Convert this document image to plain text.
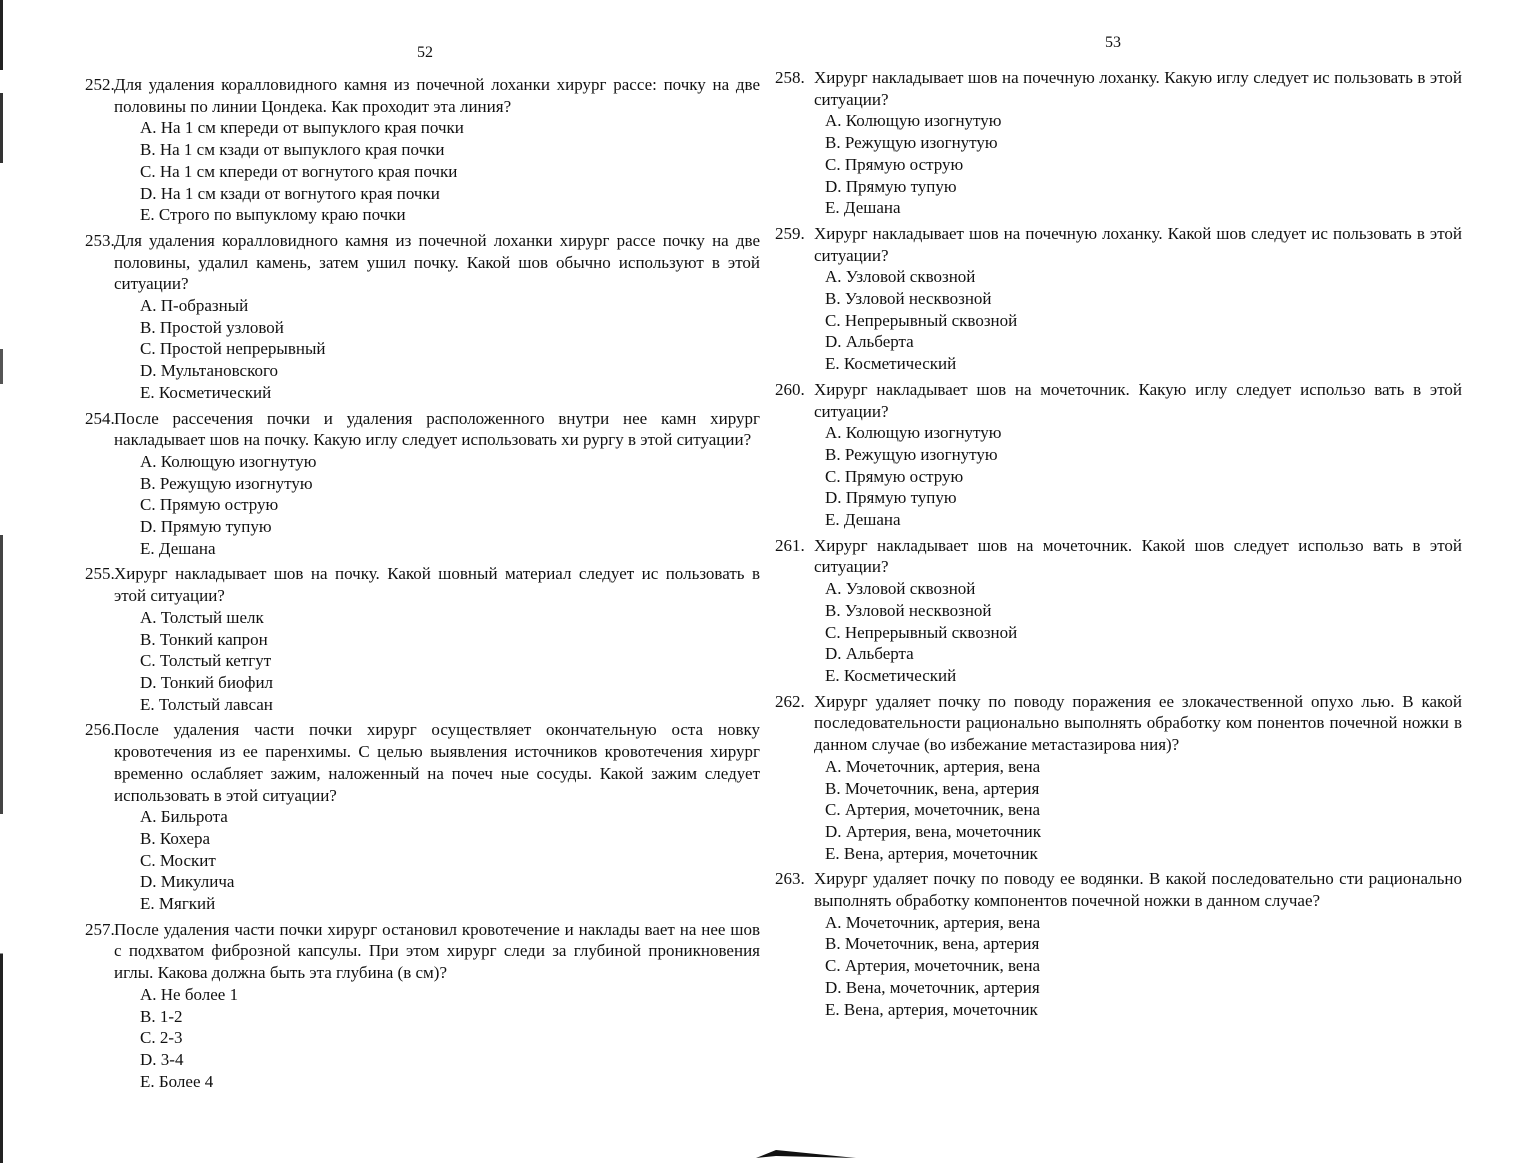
52
252.Для удаления коралловидного камня из почечной лоханки хирург рассе: почку на две половины по линии Цондека. Как проходит эта линия?
A. На 1 см кпереди от выпуклого края почки
B. На 1 см кзади от выпуклого края почки
C. На 1 см кпереди от вогнутого края почки
D. На 1 см кзади от вогнутого края почки
E. Строго по выпуклому краю почки
253.Для удаления коралловидного камня из почечной лоханки хирург рассе почку на две половины, удалил камень, затем ушил почку. Какой шов обычно используют в этой ситуации?
A. П-образный
B. Простой узловой
C. Простой непрерывный
D. Мультановского
E. Косметический
254.После рассечения почки и удаления расположенного внутри нее камн хирург накладывает шов на почку. Какую иглу следует использовать хи рургу в этой ситуации?
A. Колющую изогнутую
B. Режущую изогнутую
C. Прямую острую
D. Прямую тупую
E. Дешана
255.Хирург накладывает шов на почку. Какой шовный материал следует ис пользовать в этой ситуации?
A. Толстый шелк
B. Тонкий капрон
C. Толстый кетгут
D. Тонкий биофил
E. Толстый лавсан
256.После удаления части почки хирург осуществляет окончательную оста новку кровотечения из ее паренхимы. С целью выявления источников кровотечения хирург временно ослабляет зажим, наложенный на почеч ные сосуды. Какой зажим следует использовать в этой ситуации?
A. Бильрота
B. Кохера
C. Москит
D. Микулича
E. Мягкий
257.После удаления части почки хирург остановил кровотечение и наклады вает на нее шов с подхватом фиброзной капсулы. При этом хирург следи за глубиной проникновения иглы. Какова должна быть эта глубина (в см)?
A. Не более 1
B. 1-2
C. 2-3
D. 3-4
E. Более 4
53
258. Хирург накладывает шов на почечную лоханку. Какую иглу следует ис пользовать в этой ситуации?
A. Колющую изогнутую
B. Режущую изогнутую
C. Прямую острую
D. Прямую тупую
E. Дешана
259. Хирург накладывает шов на почечную лоханку. Какой шов следует ис пользовать в этой ситуации?
A. Узловой сквозной
B. Узловой несквозной
C. Непрерывный сквозной
D. Альберта
E. Косметический
260. Хирург накладывает шов на мочеточник. Какую иглу следует использо вать в этой ситуации?
A. Колющую изогнутую
B. Режущую изогнутую
C. Прямую острую
D. Прямую тупую
E. Дешана
261. Хирург накладывает шов на мочеточник. Какой шов следует использо вать в этой ситуации?
A. Узловой сквозной
B. Узловой несквозной
C. Непрерывный сквозной
D. Альберта
E. Косметический
262. Хирург удаляет почку по поводу поражения ее злокачественной опухо лью. В какой последовательности рационально выполнять обработку ком понентов почечной ножки в данном случае (во избежание метастазирова ния)?
A. Мочеточник, артерия, вена
B. Мочеточник, вена, артерия
C. Артерия, мочеточник, вена
D. Артерия, вена, мочеточник
E. Вена, артерия, мочеточник
263. Хирург удаляет почку по поводу ее водянки. В какой последовательно сти рационально выполнять обработку компонентов почечной ножки в данном случае?
A. Мочеточник, артерия, вена
B. Мочеточник, вена, артерия
C. Артерия, мочеточник, вена
D. Вена, мочеточник, артерия
E. Вена, артерия, мочеточник
